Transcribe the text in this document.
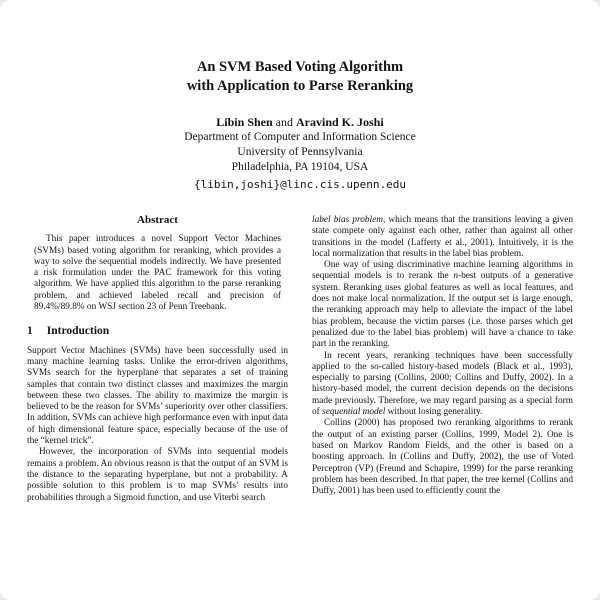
An SVM Based Voting Algorithm
with Application to Parse Reranking
Libin Shen and Aravind K. Joshi
Department of Computer and Information Science
University of Pennsylvania
Philadelphia, PA 19104, USA
{libin,joshi}@linc.cis.upenn.edu
Abstract

This paper introduces a novel Support Vector Machines (SVMs) based voting algorithm for reranking, which provides a way to solve the sequential models indirectly. We have presented a risk formulation under the PAC framework for this voting algorithm. We have applied this algorithm to the parse reranking problem, and achieved labeled recall and precision of 89.4%/89.8% on WSJ section 23 of Penn Treebank.

1 Introduction

Support Vector Machines (SVMs) have been successfully used in many machine learning tasks. Unlike the error-driven algorithms, SVMs search for the hyperplane that separates a set of training samples that contain two distinct classes and maximizes the margin between these two classes. The ability to maximize the margin is believed to be the reason for SVMs’ superiority over other classifiers. In addition, SVMs can achieve high performance even with input data of high dimensional feature space, especially because of the use of the “kernel trick”.

However, the incorporation of SVMs into sequential models remains a problem. An obvious reason is that the output of an SVM is the distance to the separating hyperplane, but not a probability. A possible solution to this problem is to map SVMs’ results into probabilities through a Sigmoid function, and use Viterbi search

label bias problem, which means that the transitions leaving a given state compete only against each other, rather than against all other transitions in the model (Lafferty et al., 2001). Intuitively, it is the local normalization that results in the label bias problem.

One way of using discriminative machine learning algorithms in sequential models is to rerank the n-best outputs of a generative system. Reranking uses global features as well as local features, and does not make local normalization. If the output set is large enough, the reranking approach may help to alleviate the impact of the label bias problem, because the victim parses (i.e. those parses which get penalized due to the label bias problem) will have a chance to take part in the reranking.

In recent years, reranking techniques have been successfully applied to the so-called history-based models (Black et al., 1993), especially to parsing (Collins, 2000; Collins and Duffy, 2002). In a history-based model, the current decision depends on the decisions made previously. Therefore, we may regard parsing as a special form of sequential model without losing generality.

Collins (2000) has proposed two reranking algorithms to rerank the output of an existing parser (Collins, 1999, Model 2). One is based on Markov Random Fields, and the other is based on a boosting approach. In (Collins and Duffy, 2002), the use of Voted Perceptron (VP) (Freund and Schapire, 1999) for the parse reranking problem has been described. In that paper, the tree kernel (Collins and Duffy, 2001) has been used to efficiently count the
